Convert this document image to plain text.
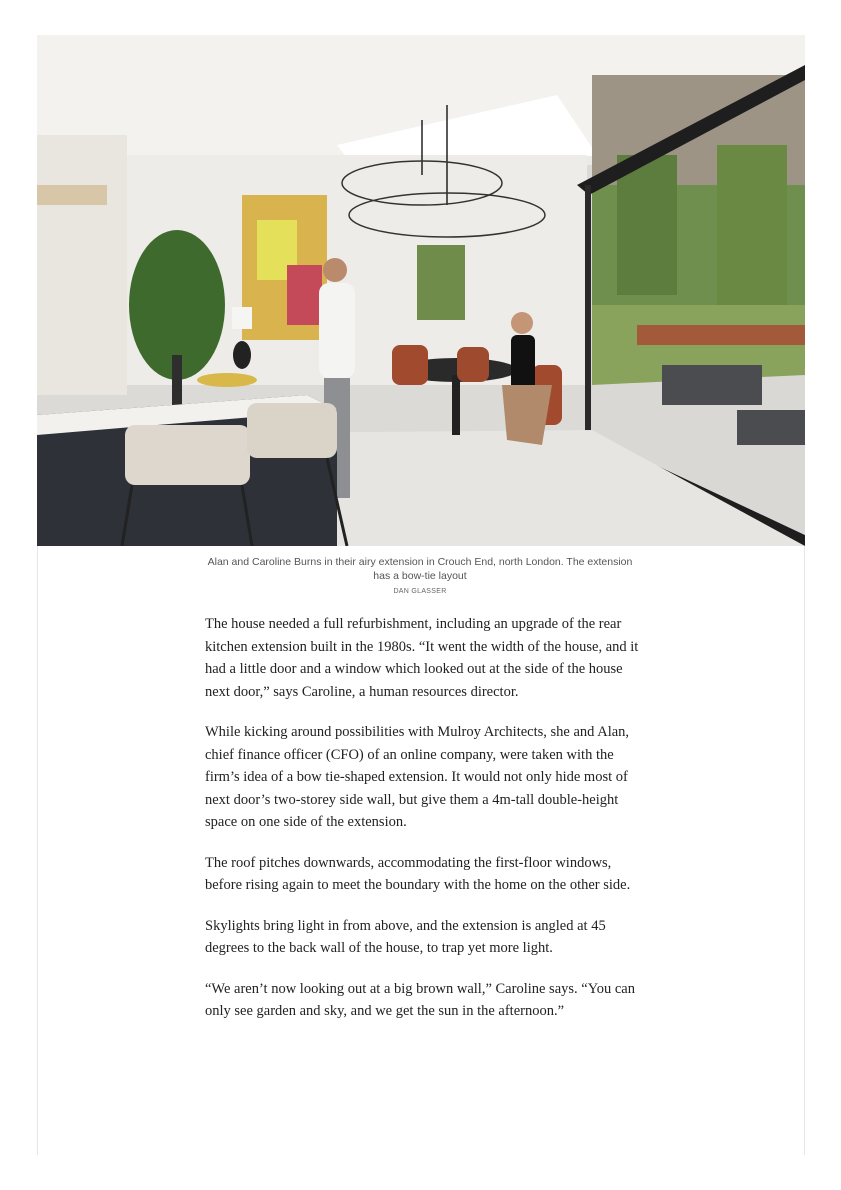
Alan and Caroline Burns in their airy extension in Crouch End, north London. The extension has a bow-tie layout
DAN GLASSER

The house needed a full refurbishment, including an upgrade of the rear kitchen extension built in the 1980s. “It went the width of the house, and it had a little door and a window which looked out at the side of the house next door,” says Caroline, a human resources director.

While kicking around possibilities with Mulroy Architects, she and Alan, chief finance officer (CFO) of an online company, were taken with the firm’s idea of a bow tie-shaped extension. It would not only hide most of next door’s two-storey side wall, but give them a 4m-tall double-height space on one side of the extension.

The roof pitches downwards, accommodating the first-floor windows, before rising again to meet the boundary with the home on the other side.

Skylights bring light in from above, and the extension is angled at 45 degrees to the back wall of the house, to trap yet more light.

“We aren’t now looking out at a big brown wall,” Caroline says. “You can only see garden and sky, and we get the sun in the afternoon.”
